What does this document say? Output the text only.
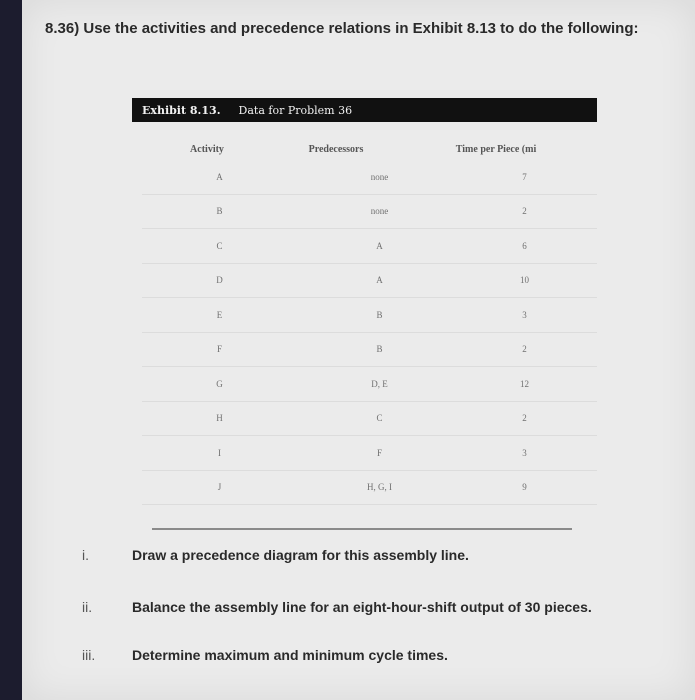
8.36) Use the activities and precedence relations in Exhibit 8.13 to do the following:

Exhibit 8.13. Data for Problem 36
Activity	Predecessors	Time per Piece (mi
A	none	7
B	none	2
C	A	6
D	A	10
E	B	3
F	B	2
G	D, E	12
H	C	2
I	F	3
J	H, G, I	9
i.	Draw a precedence diagram for this assembly line.
ii.	Balance the assembly line for an eight-hour-shift output of 30 pieces.
iii.	Determine maximum and minimum cycle times.
